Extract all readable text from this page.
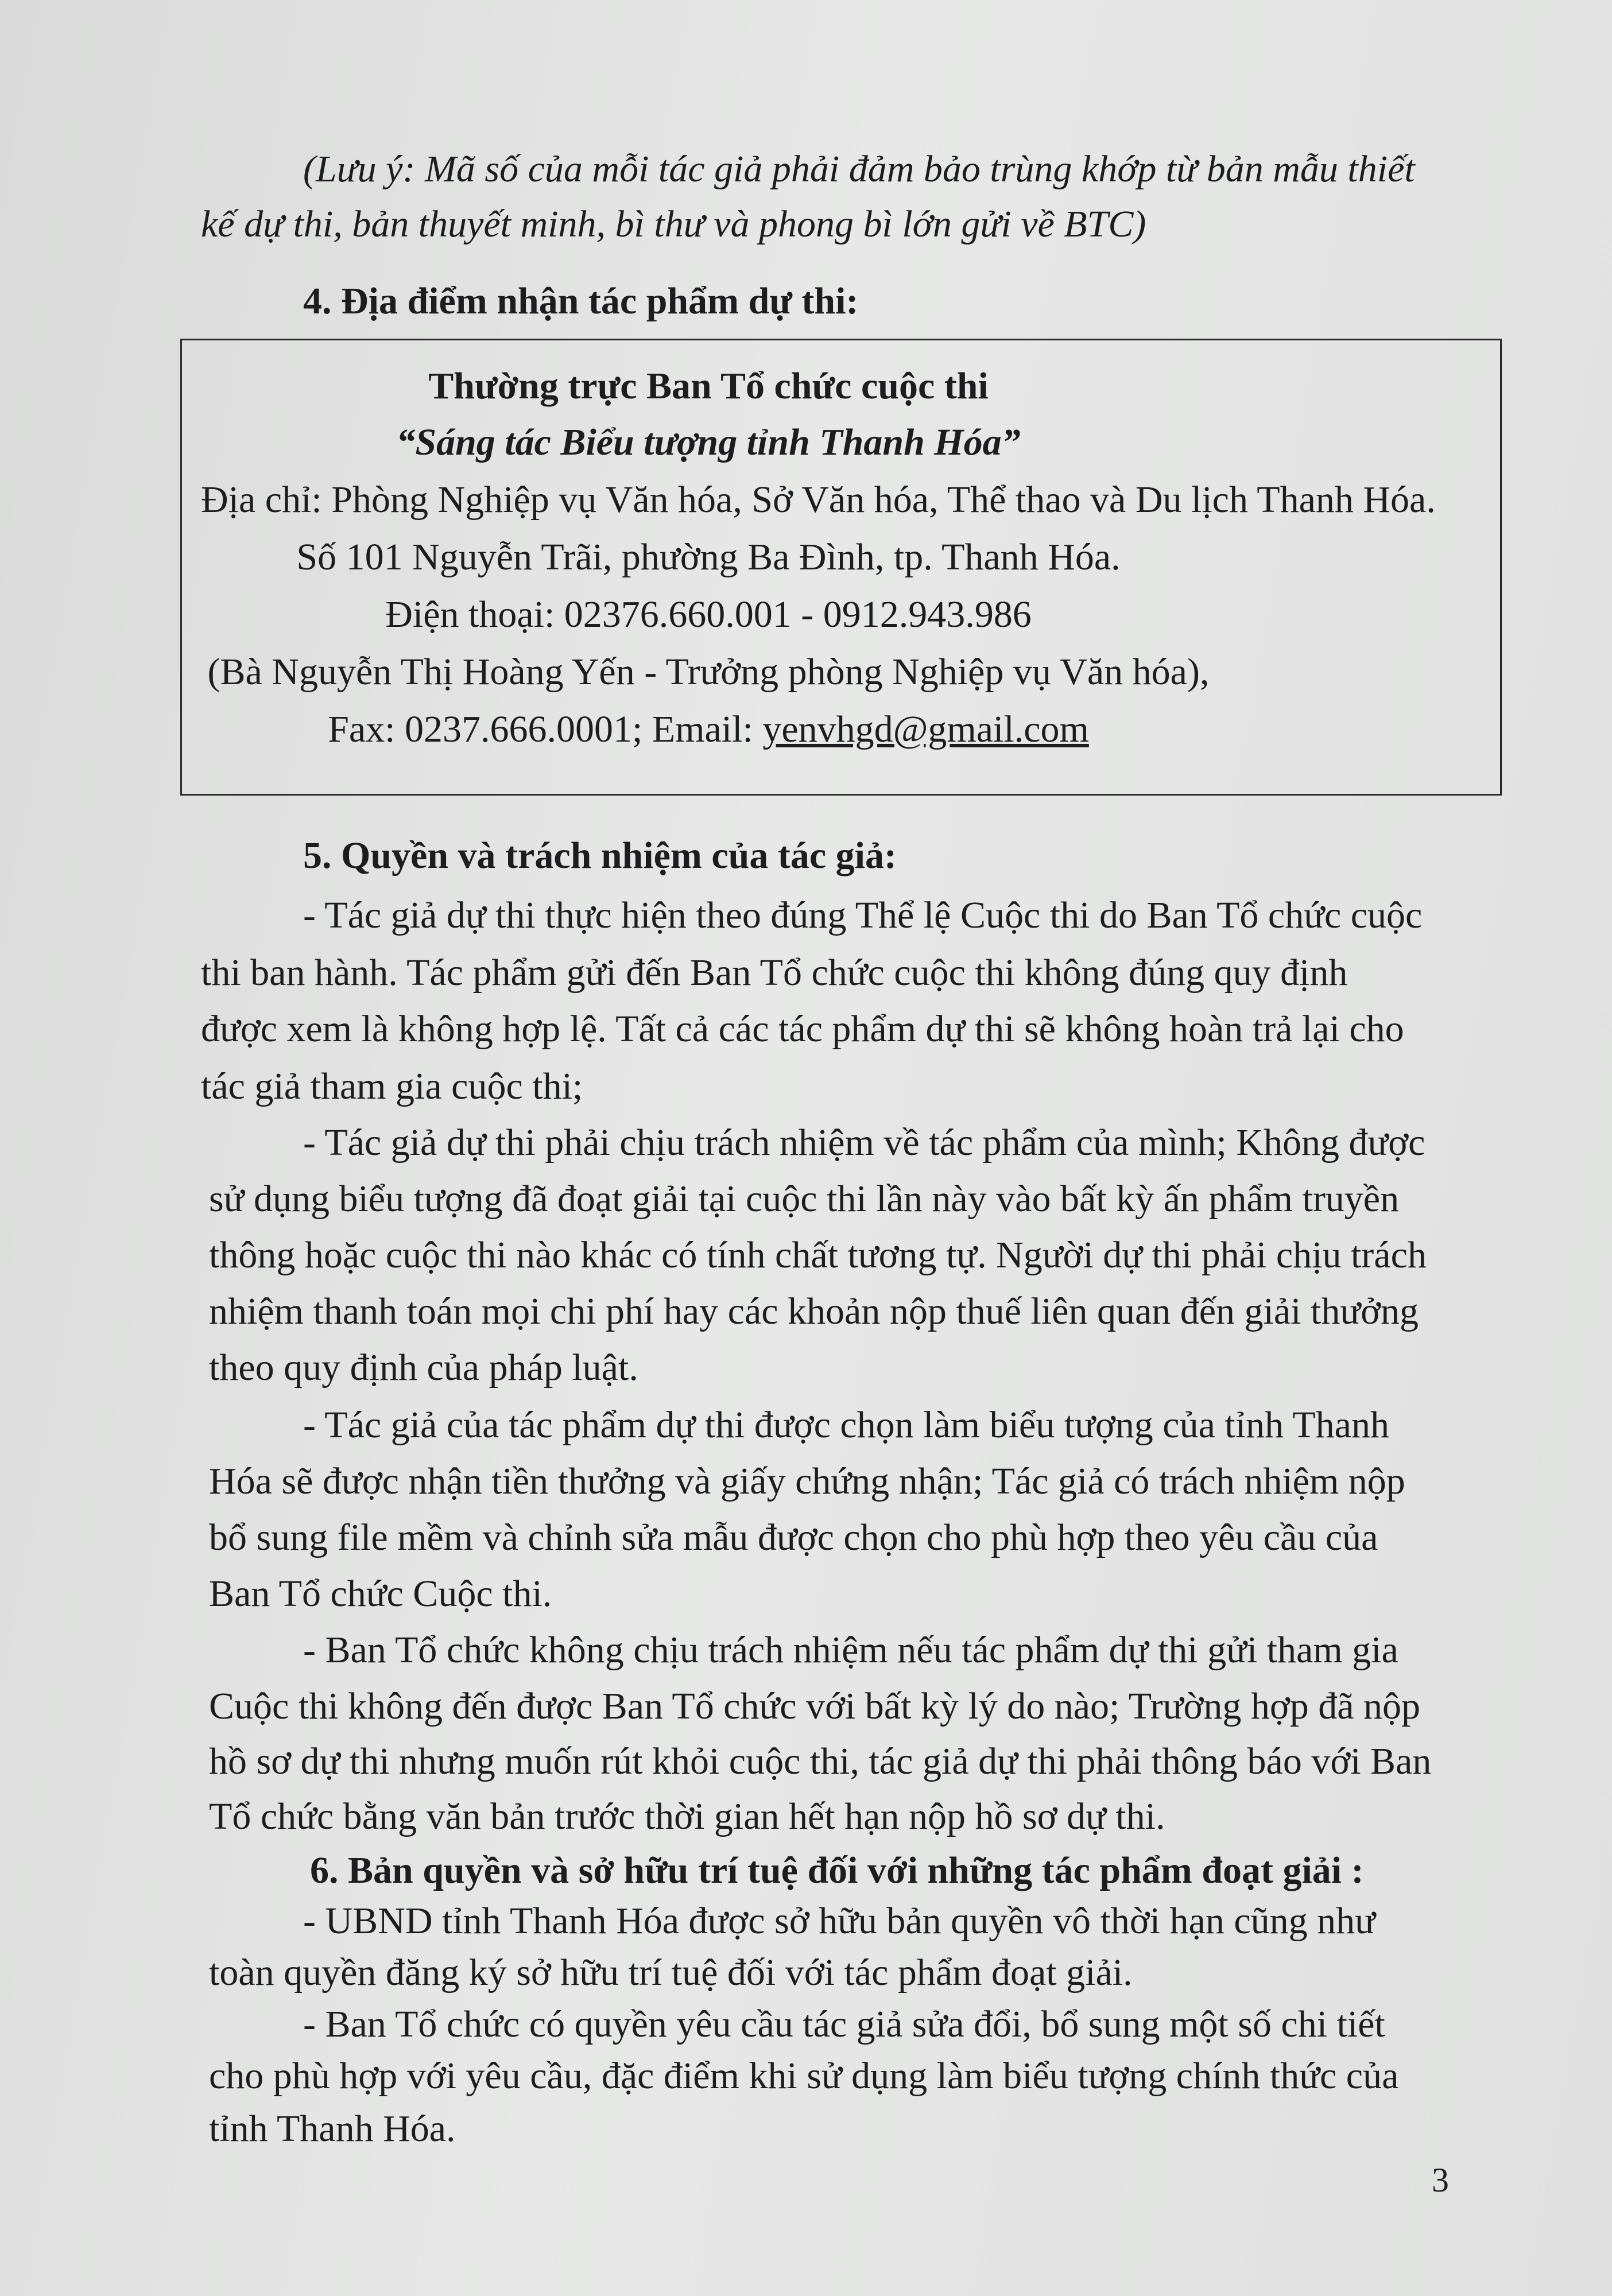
(Lưu ý: Mã số của mỗi tác giả phải đảm bảo trùng khớp từ bản mẫu thiết
kế dự thi, bản thuyết minh, bì thư và phong bì lớn gửi về BTC)
4. Địa điểm nhận tác phẩm dự thi:
Thường trực Ban Tổ chức cuộc thi
“Sáng tác Biểu tượng tỉnh Thanh Hóa”
Địa chỉ: Phòng Nghiệp vụ Văn hóa, Sở Văn hóa, Thể thao và Du lịch Thanh Hóa.
Số 101 Nguyễn Trãi, phường Ba Đình, tp. Thanh Hóa.
Điện thoại: 02376.660.001 - 0912.943.986
(Bà Nguyễn Thị Hoàng Yến - Trưởng phòng Nghiệp vụ Văn hóa),
Fax: 0237.666.0001; Email: yenvhgd@gmail.com
5. Quyền và trách nhiệm của tác giả:
- Tác giả dự thi thực hiện theo đúng Thể lệ Cuộc thi do Ban Tổ chức cuộc
thi ban hành. Tác phẩm gửi đến Ban Tổ chức cuộc thi không đúng quy định
được xem là không hợp lệ. Tất cả các tác phẩm dự thi sẽ không hoàn trả lại cho
tác giả tham gia cuộc thi;
- Tác giả dự thi phải chịu trách nhiệm về tác phẩm của mình; Không được
sử dụng biểu tượng đã đoạt giải tại cuộc thi lần này vào bất kỳ ấn phẩm truyền
thông hoặc cuộc thi nào khác có tính chất tương tự. Người dự thi phải chịu trách
nhiệm thanh toán mọi chi phí hay các khoản nộp thuế liên quan đến giải thưởng
theo quy định của pháp luật.
- Tác giả của tác phẩm dự thi được chọn làm biểu tượng của tỉnh Thanh
Hóa sẽ được nhận tiền thưởng và giấy chứng nhận; Tác giả có trách nhiệm nộp
bổ sung file mềm và chỉnh sửa mẫu được chọn cho phù hợp theo yêu cầu của
Ban Tổ chức Cuộc thi.
- Ban Tổ chức không chịu trách nhiệm nếu tác phẩm dự thi gửi tham gia
Cuộc thi không đến được Ban Tổ chức với bất kỳ lý do nào; Trường hợp đã nộp
hồ sơ dự thi nhưng muốn rút khỏi cuộc thi, tác giả dự thi phải thông báo với Ban
Tổ chức bằng văn bản trước thời gian hết hạn nộp hồ sơ dự thi.
6. Bản quyền và sở hữu trí tuệ đối với những tác phẩm đoạt giải :
- UBND tỉnh Thanh Hóa được sở hữu bản quyền vô thời hạn cũng như
toàn quyền đăng ký sở hữu trí tuệ đối với tác phẩm đoạt giải.
- Ban Tổ chức có quyền yêu cầu tác giả sửa đổi, bổ sung một số chi tiết
cho phù hợp với yêu cầu, đặc điểm khi sử dụng làm biểu tượng chính thức của
tỉnh Thanh Hóa.
3
